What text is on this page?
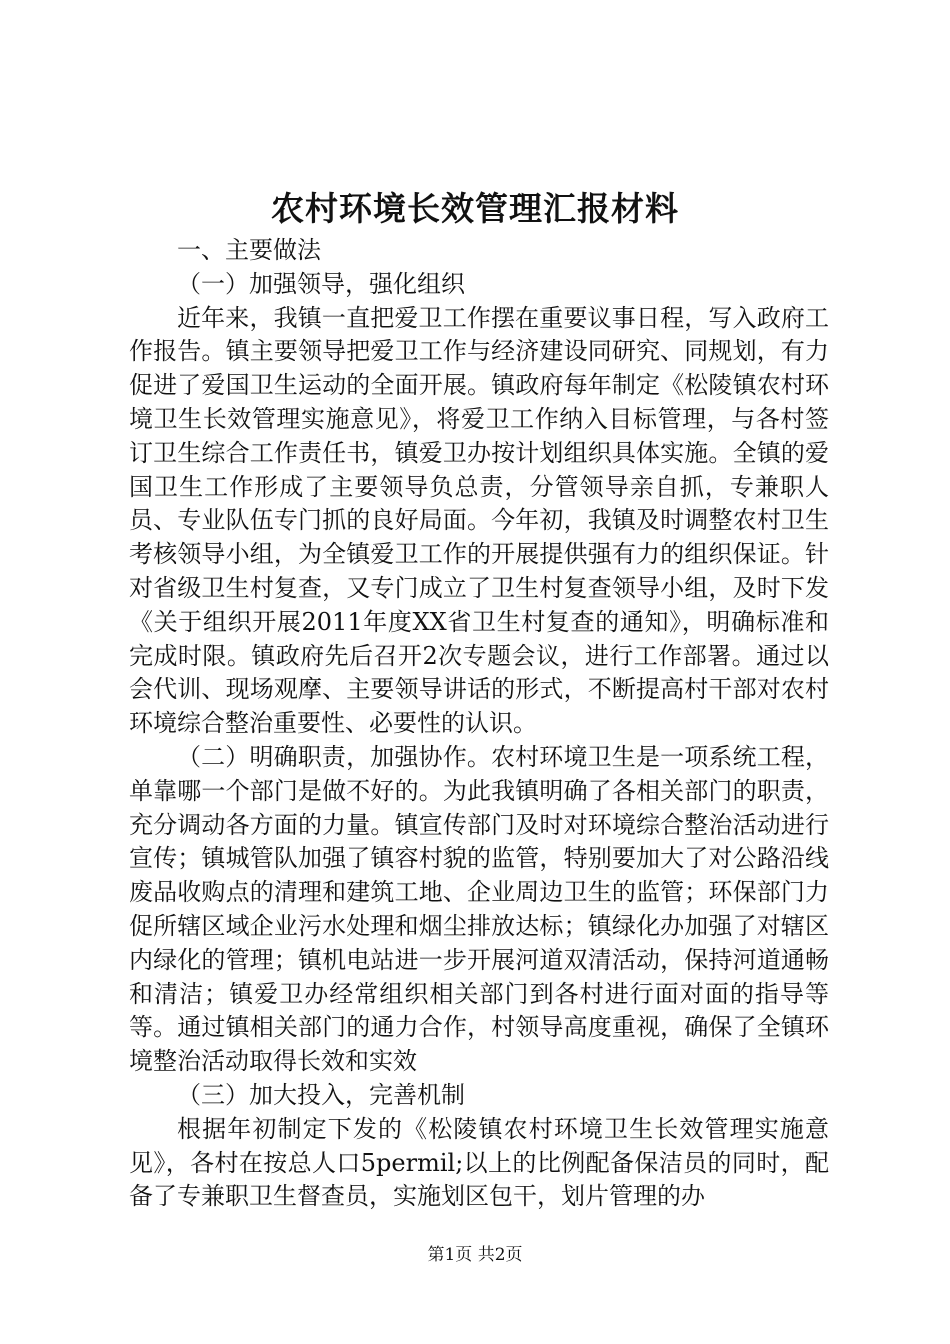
农村环境长效管理汇报材料

一、主要做法

（一）加强领导，强化组织

近年来，我镇一直把爱卫工作摆在重要议事日程，写入政府工作报告。镇主要领导把爱卫工作与经济建设同研究、同规划，有力促进了爱国卫生运动的全面开展。镇政府每年制定《松陵镇农村环境卫生长效管理实施意见》，将爱卫工作纳入目标管理，与各村签订卫生综合工作责任书，镇爱卫办按计划组织具体实施。全镇的爱国卫生工作形成了主要领导负总责，分管领导亲自抓，专兼职人员、专业队伍专门抓的良好局面。今年初，我镇及时调整农村卫生考核领导小组，为全镇爱卫工作的开展提供强有力的组织保证。针对省级卫生村复查，又专门成立了卫生村复查领导小组，及时下发《关于组织开展2011年度XX省卫生村复查的通知》，明确标准和完成时限。镇政府先后召开2次专题会议，进行工作部署。通过以会代训、现场观摩、主要领导讲话的形式，不断提高村干部对农村环境综合整治重要性、必要性的认识。

（二）明确职责，加强协作。农村环境卫生是一项系统工程，单靠哪一个部门是做不好的。为此我镇明确了各相关部门的职责，充分调动各方面的力量。镇宣传部门及时对环境综合整治活动进行宣传；镇城管队加强了镇容村貌的监管，特别要加大了对公路沿线废品收购点的清理和建筑工地、企业周边卫生的监管；环保部门力促所辖区域企业污水处理和烟尘排放达标；镇绿化办加强了对辖区内绿化的管理；镇机电站进一步开展河道双清活动，保持河道通畅和清洁；镇爱卫办经常组织相关部门到各村进行面对面的指导等等。通过镇相关部门的通力合作，村领导高度重视，确保了全镇环境整治活动取得长效和实效

（三）加大投入，完善机制

根据年初制定下发的《松陵镇农村环境卫生长效管理实施意见》，各村在按总人口5permil;以上的比例配备保洁员的同时，配备了专兼职卫生督查员，实施划区包干，划片管理的办

第1页 共2页
